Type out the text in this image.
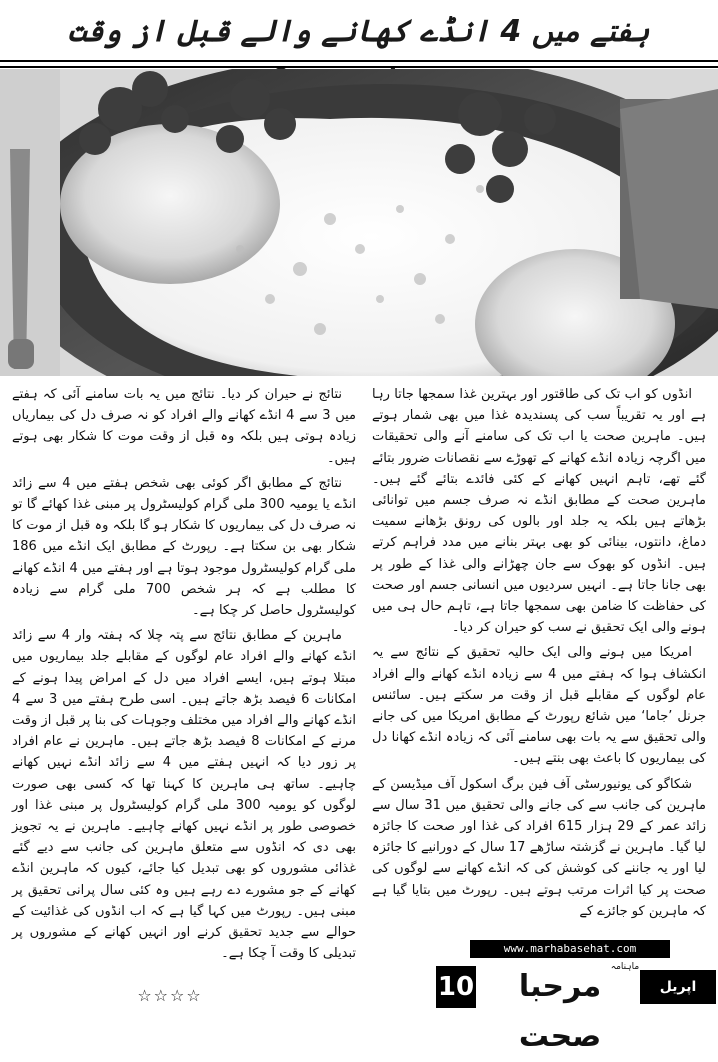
ہفتے میں 4 انڈے کھانے والے قبل از وقت

انڈوں کو اب تک کی طاقتور اور بہترین غذا سمجھا جاتا رہا ہے اور یہ تقریباً سب کی پسندیدہ غذا میں بھی شمار ہوتے ہیں۔ ماہرین صحت یا اب تک کی سامنے آنے والی تحقیقات میں اگرچہ زیادہ انڈے کھانے کے تھوڑے سے نقصانات ضرور بتائے گئے تھے، تاہم انہیں کھانے کے کئی فائدے بتائے گئے ہیں۔ ماہرین صحت کے مطابق انڈے نہ صرف جسم میں توانائی بڑھاتے ہیں بلکہ یہ جلد اور بالوں کی رونق بڑھانے سمیت دماغ، دانتوں، بینائی کو بھی بہتر بنانے میں مدد فراہم کرتے ہیں۔ انڈوں کو بھوک سے جان چھڑانے والی غذا کے طور پر بھی جانا جاتا ہے۔ انہیں سردیوں میں انسانی جسم اور صحت کی حفاظت کا ضامن بھی سمجھا جاتا ہے، تاہم حال ہی میں ہونے والی ایک تحقیق نے سب کو حیران کر دیا۔

امریکا میں ہونے والی ایک حالیہ تحقیق کے نتائج سے یہ انکشاف ہوا کہ ہفتے میں 4 سے زیادہ انڈے کھانے والے افراد عام لوگوں کے مقابلے قبل از وقت مر سکتے ہیں۔ سائنس جرنل ’جاما‘ میں شائع رپورٹ کے مطابق امریکا میں کی جانے والی تحقیق سے یہ بات بھی سامنے آئی کہ زیادہ انڈے کھانا دل کی بیماریوں کا باعث بھی بنتے ہیں۔

شکاگو کی یونیورسٹی آف فین برگ اسکول آف میڈیسن کے ماہرین کی جانب سے کی جانے والی تحقیق میں 31 سال سے زائد عمر کے 29 ہزار 615 افراد کی غذا اور صحت کا جائزہ لیا گیا۔ ماہرین نے گزشتہ ساڑھے 17 سال کے دورانیے کا جائزہ لیا اور یہ جاننے کی کوشش کی کہ انڈے کھانے سے لوگوں کی صحت پر کیا اثرات مرتب ہوتے ہیں۔ رپورٹ میں بتایا گیا ہے کہ ماہرین کو جائزے کے

نتائج نے حیران کر دیا۔ نتائج میں یہ بات سامنے آئی کہ ہفتے میں 3 سے 4 انڈے کھانے والے افراد کو نہ صرف دل کی بیماریاں زیادہ ہوتی ہیں بلکہ وہ قبل از وقت موت کا شکار بھی ہوتے ہیں۔

نتائج کے مطابق اگر کوئی بھی شخص ہفتے میں 4 سے زائد انڈے یا یومیہ 300 ملی گرام کولیسٹرول پر مبنی غذا کھائے گا تو نہ صرف دل کی بیماریوں کا شکار ہو گا بلکہ وہ قبل از موت کا شکار بھی بن سکتا ہے۔ رپورٹ کے مطابق ایک انڈے میں 186 ملی گرام کولیسٹرول موجود ہوتا ہے اور ہفتے میں 4 انڈے کھانے کا مطلب ہے کہ ہر شخص 700 ملی گرام سے زیادہ کولیسٹرول حاصل کر چکا ہے۔

ماہرین کے مطابق نتائج سے پتہ چلا کہ ہفتہ وار 4 سے زائد انڈے کھانے والے افراد عام لوگوں کے مقابلے جلد بیماریوں میں مبتلا ہوتے ہیں، ایسے افراد میں دل کے امراض پیدا ہونے کے امکانات 6 فیصد بڑھ جاتے ہیں۔ اسی طرح ہفتے میں 3 سے 4 انڈے کھانے والے افراد میں مختلف وجوہات کی بنا پر قبل از وقت مرنے کے امکانات 8 فیصد بڑھ جاتے ہیں۔ ماہرین نے عام افراد پر زور دیا کہ انہیں ہفتے میں 4 سے زائد انڈے نہیں کھانے چاہیے۔ ساتھ ہی ماہرین کا کہنا تھا کہ کسی بھی صورت لوگوں کو یومیہ 300 ملی گرام کولیسٹرول پر مبنی غذا اور خصوصی طور پر انڈے نہیں کھانے چاہیے۔ ماہرین نے یہ تجویز بھی دی کہ انڈوں سے متعلق ماہرین کی جانب سے دیے گئے غذائی مشوروں کو بھی تبدیل کیا جائے، کیوں کہ ماہرین انڈے کھانے کے جو مشورے دے رہے ہیں وہ کئی سال پرانی تحقیق پر مبنی ہیں۔ رپورٹ میں کہا گیا ہے کہ اب انڈوں کی غذائیت کے حوالے سے جدید تحقیق کرنے اور انہیں کھانے کے مشوروں پر تبدیلی کا وقت آ چکا ہے۔

☆☆☆☆
www.marhabasehat.com
10	مرحبا صحت
ماہنامہ
اپریل 2019ء
